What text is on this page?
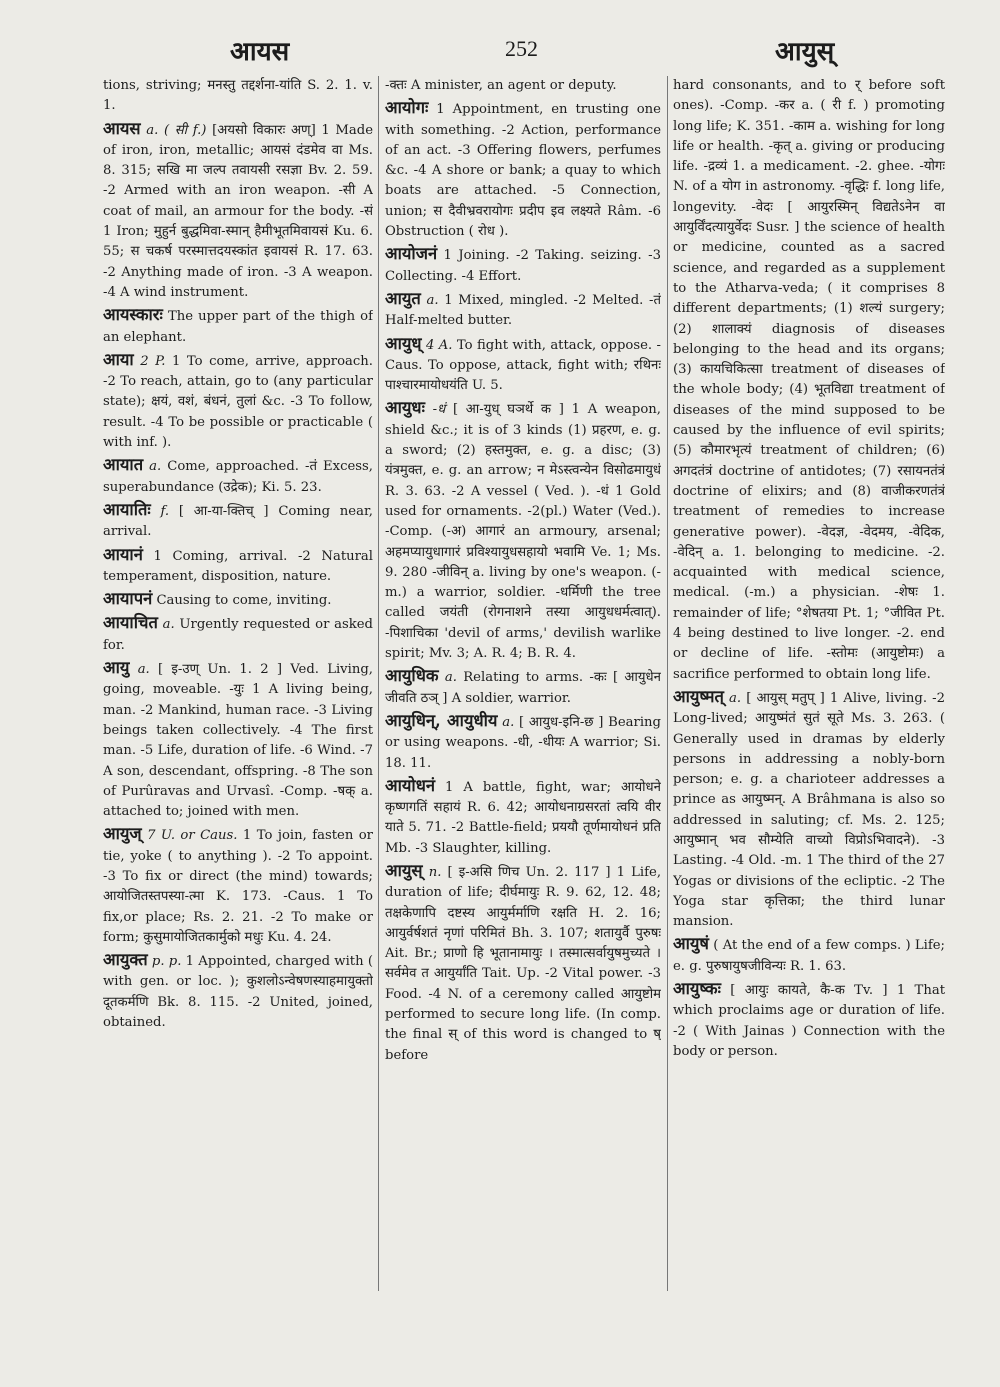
आयस	252	आयुस्

tions, striving; मनस्तु तद्दर्शना-यांति S. 2. 1. v. 1.

आयस a. ( सी f.) [अयसो विकारः अण्] 1 Made of iron, iron, metallic; आयसं दंडमेव वा Ms. 8. 315; सखि मा जल्प तवायसी रसज्ञा Bv. 2. 59. -2 Armed with an iron weapon. -सी A coat of mail, an armour for the body. -सं 1 Iron; मुहुर्न बुद्धमिवा-स्मान् हैमीभूतमिवायसं Ku. 6. 55; स चकर्ष परस्मात्तदयस्कांत इवायसं R. 17. 63. -2 Anything made of iron. -3 A weapon. -4 A wind instrument.

आयस्कारः The upper part of the thigh of an elephant.

आया 2 P. 1 To come, arrive, approach. -2 To reach, attain, go to (any particular state); क्षयं, वशं, बंधनं, तुलां &c. -3 To follow, result. -4 To be possible or practicable ( with inf. ).

आयात a. Come, approached. -तं Excess, superabundance (उद्रेक); Ki. 5. 23.

आयातिः f. [ आ-या-क्तिच् ] Coming near, arrival.

आयानं 1 Coming, arrival. -2 Natural temperament, disposition, nature.

आयापनं Causing to come, inviting.

आयाचित a. Urgently requested or asked for.

आयु a. [ इ-उण् Un. 1. 2 ] Ved. Living, going, moveable. -युः 1 A living being, man. -2 Mankind, human race. -3 Living beings taken collectively. -4 The first man. -5 Life, duration of life. -6 Wind. -7 A son, descendant, offspring. -8 The son of Purûravas and Urvasî. -Comp. -षक् a. attached to; joined with men.

आयुज् 7 U. or Caus. 1 To join, fasten or tie, yoke ( to anything ). -2 To appoint. -3 To fix or direct (the mind) towards; आयोजितस्तपस्या-त्मा K. 173. -Caus. 1 To fix,or place; Rs. 2. 21. -2 To make or form; कुसुमायोजितकार्मुको मधुः Ku. 4. 24.

आयुक्त p. p. 1 Appointed, charged with ( with gen. or loc. ); कुशलोऽन्वेषणस्याहमायुक्तो दूतकर्मणि Bk. 8. 115. -2 United, joined, obtained.

-क्तः A minister, an agent or deputy.

आयोगः 1 Appointment, en trusting one with something. -2 Action, performance of an act. -3 Offering flowers, perfumes &c. -4 A shore or bank; a quay to which boats are attached. -5 Connection, union; स दैवीभ्रवरायोगः प्रदीप इव लक्ष्यते Râm. -6 Obstruction ( रोध ).

आयोजनं 1 Joining. -2 Taking. seizing. -3 Collecting. -4 Effort.

आयुत a. 1 Mixed, mingled. -2 Melted. -तं Half-melted butter.

आयुध् 4 A. To fight with, attack, oppose. -Caus. To oppose, attack, fight with; रथिनः पाश्चारमायोधयंति U. 5.

आयुधः -धं [ आ-युध् घञर्थे क ] 1 A weapon, shield &c.; it is of 3 kinds (1) प्रहरण, e. g. a sword; (2) हस्तमुक्त, e. g. a disc; (3) यंत्रमुक्त, e. g. an arrow; न मेऽस्त्वन्येन विसोढमायुधं R. 3. 63. -2 A vessel ( Ved. ). -धं 1 Gold used for ornaments. -2(pl.) Water (Ved.). -Comp. (-अ) आगारं an armoury, arsenal; अहमप्यायुधागारं प्रविश्यायुधसहायो भवामि Ve. 1; Ms. 9. 280 -जीविन् a. living by one's weapon. (-m.) a warrior, soldier. -धर्मिणी the tree called जयंती (रोगनाशने तस्या आयुधधर्मत्वात्). -पिशाचिका 'devil of arms,' devilish warlike spirit; Mv. 3; A. R. 4; B. R. 4.

आयुधिक a. Relating to arms. -कः [ आयुधेन जीवति ठञ् ] A soldier, warrior.

आयुधिन्, आयुधीय a. [ आयुध-इनि-छ ] Bearing or using weapons. -धी, -धीयः A warrior; Si. 18. 11.

आयोधनं 1 A battle, fight, war; आयोधने कृष्णगतिं सहायं R. 6. 42; आयोधनाग्रसरतां त्वयि वीर याते 5. 71. -2 Battle-field; प्रययौ तूर्णमायोधनं प्रति Mb. -3 Slaughter, killing.

आयुस् n. [ इ-असि णिच Un. 2. 117 ] 1 Life, duration of life; दीर्घमायुः R. 9. 62, 12. 48; तक्षकेणापि दष्टस्य आयुर्मर्माणि रक्षति H. 2. 16; आयुर्वर्षशतं नृणां परिमितं Bh. 3. 107; शतायुर्वै पुरुषः Ait. Br.; प्राणो हि भूतानामायुः । तस्मात्सर्वायुषमुच्यते । सर्वमेव त आयुर्यांति Tait. Up. -2 Vital power. -3 Food. -4 N. of a ceremony called आयुष्टोम performed to secure long life. (In comp. the final स् of this word is changed to ष् before

hard consonants, and to र् before soft ones). -Comp. -कर a. ( री f. ) promoting long life; K. 351. -काम a. wishing for long life or health. -कृत् a. giving or producing life. -द्रव्यं 1. a medicament. -2. ghee. -योगः N. of a योग in astronomy. -वृद्धिः f. long life, longevity. -वेदः [ आयुरस्मिन् विद्यतेऽनेन वा आयुर्विंदत्यायुर्वेदः Susr. ] the science of health or medicine, counted as a sacred science, and regarded as a supplement to the Atharva-veda; ( it comprises 8 different departments; (1) शल्यं surgery; (2) शालाक्यं diagnosis of diseases belonging to the head and its organs; (3) कायचिकित्सा treatment of diseases of the whole body; (4) भूतविद्या treatment of diseases of the mind supposed to be caused by the influence of evil spirits; (5) कौमारभृत्यं treatment of children; (6) अगदतंत्रं doctrine of antidotes; (7) रसायनतंत्रं doctrine of elixirs; and (8) वाजीकरणतंत्रं treatment of remedies to increase generative power). -वेदज्ञ, -वेदमय, -वेदिक, -वेदिन् a. 1. belonging to medicine. -2. acquainted with medical science, medical. (-m.) a physician. -शेषः 1. remainder of life; °शेषतया Pt. 1; °जीवित Pt. 4 being destined to live longer. -2. end or decline of life. -स्तोमः (आयुष्टोमः) a sacrifice performed to obtain long life.

आयुष्मत् a. [ आयुस् मतुप् ] 1 Alive, living. -2 Long-lived; आयुष्मंतं सुतं सूते Ms. 3. 263. ( Generally used in dramas by elderly persons in addressing a nobly-born person; e. g. a charioteer addresses a prince as आयुष्मन्. A Brâhmana is also so addressed in saluting; cf. Ms. 2. 125; आयुष्मान् भव सौम्येति वाच्यो विप्रोऽभिवादने). -3 Lasting. -4 Old. -m. 1 The third of the 27 Yogas or divisions of the ecliptic. -2 The Yoga star कृत्तिका; the third lunar mansion.

आयुषं ( At the end of a few comps. ) Life; e. g. पुरुषायुषजीविन्यः R. 1. 63.

आयुष्कः [ आयुः कायते, कै-क Tv. ] 1 That which proclaims age or duration of life. -2 ( With Jainas ) Connection with the body or person.
